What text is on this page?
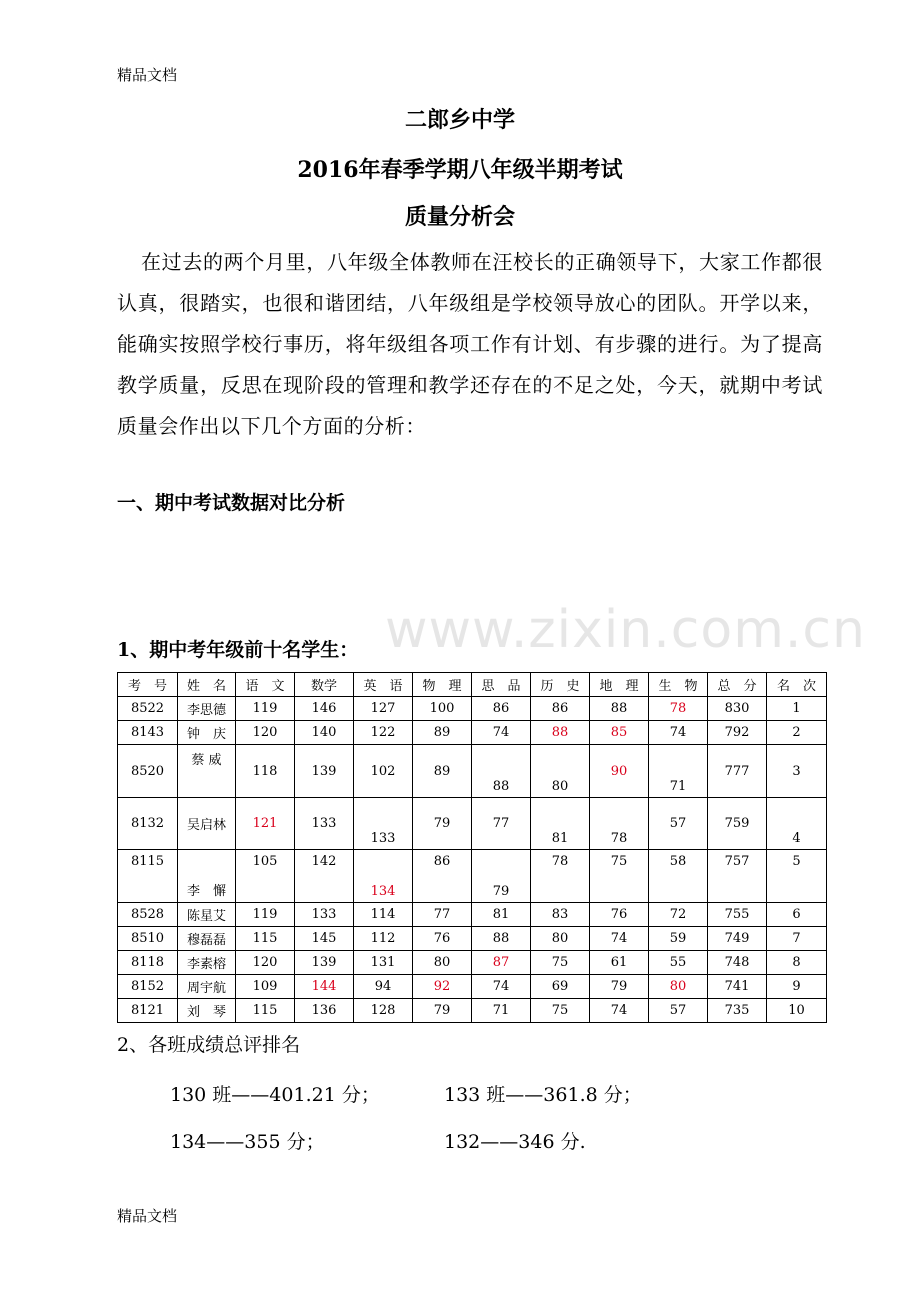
精品文档
www.zixin.com.cn
二郎乡中学
2016年春季学期八年级半期考试
质量分析会
在过去的两个月里，八年级全体教师在汪校长的正确领导下，大家工作都很认真，很踏实，也很和谐团结，八年级组是学校领导放心的团队。开学以来，能确实按照学校行事历，将年级组各项工作有计划、有步骤的进行。为了提高教学质量，反思在现阶段的管理和教学还存在的不足之处，今天，就期中考试质量会作出以下几个方面的分析：
一、期中考试数据对比分析
1、期中考年级前十名学生：
考　号	姓　名	语　文	数学	英　语	物　理	思　品	历　史	地　理	生　物	总　分	名　次
8522	李思德	119	146	127	100	86	86	88	78	830	1
8143	钟　庆	120	140	122	89	74	88	85	74	792	2
8520	蔡 威	118	139	102	89	88	80	90	71	777	3
8132	吴启林	121	133	133	79	77	81	78	57	759	4
8115	李　懈	105	142	134	86	79	78	75	58	757	5
8528	陈星艾	119	133	114	77	81	83	76	72	755	6
8510	穆磊磊	115	145	112	76	88	80	74	59	749	7
8118	李素榕	120	139	131	80	87	75	61	55	748	8
8152	周宇航	109	144	94	92	74	69	79	80	741	9
8121	刘　琴	115	136	128	79	71	75	74	57	735	10
2、各班成绩总评排名
130 班——401.21 分；	133 班——361.8 分；
134——355 分；	132——346 分.
精品文档
